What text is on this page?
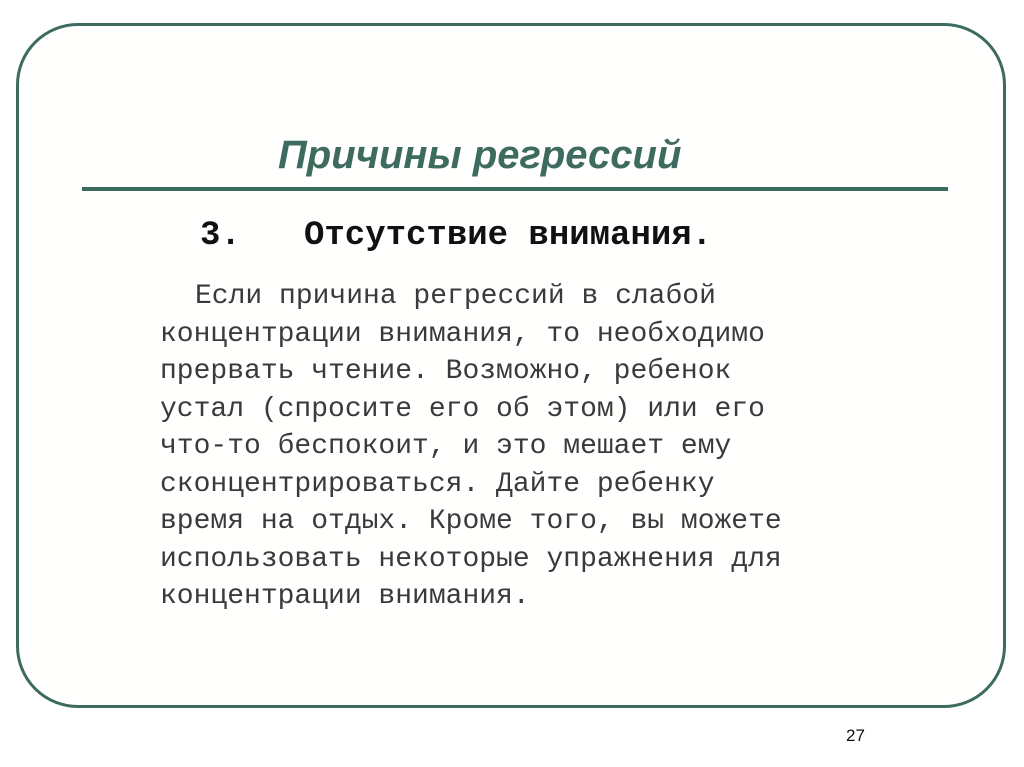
Причины регрессий
3. Отсутствие внимания.
Если причина регрессий в слабой
концентрации внимания, то необходимо
прервать чтение. Возможно, ребенок
устал (спросите его об этом) или его
что-то беспокоит, и это мешает ему
сконцентрироваться. Дайте ребенку
время на отдых. Кроме того, вы можете
использовать некоторые упражнения для
концентрации внимания.
27
